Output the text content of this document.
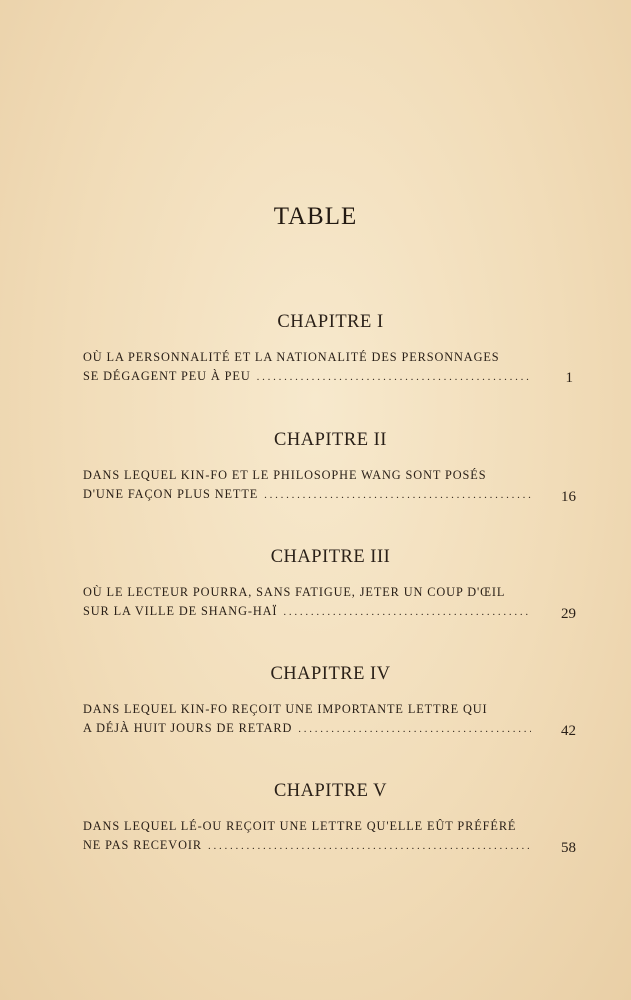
TABLE
CHAPITRE I
OÙ LA PERSONNALITÉ ET LA NATIONALITÉ DES PERSONNAGES
SE DÉGAGENT PEU À PEU . . .	1
CHAPITRE II
DANS LEQUEL KIN-FO ET LE PHILOSOPHE WANG SONT POSÉS
D'UNE FAÇON PLUS NETTE . . .	16
CHAPITRE III
OÙ LE LECTEUR POURRA, SANS FATIGUE, JETER UN COUP D'ŒIL
SUR LA VILLE DE SHANG-HAÏ . . .	29
CHAPITRE IV
DANS LEQUEL KIN-FO REÇOIT UNE IMPORTANTE LETTRE QUI
A DÉJÀ HUIT JOURS DE RETARD . . .	42
CHAPITRE V
DANS LEQUEL LÉ-OU REÇOIT UNE LETTRE QU'ELLE EÛT PRÉFÉRÉ
NE PAS RECEVOIR . . .	58
